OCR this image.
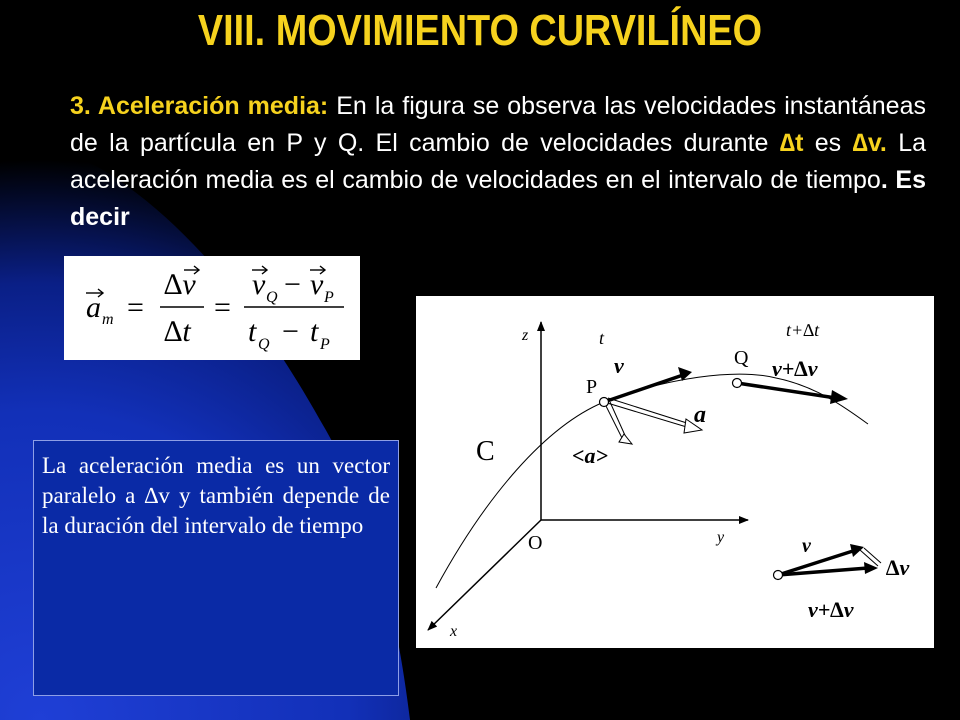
VIII. MOVIMIENTO CURVILÍNEO
3. Aceleración media: En la figura se observa las velocidades instantáneas de la partícula en P y Q. El cambio de velocidades durante ∆t es ∆v. La aceleración media es el cambio de velocidades en el intervalo de tiempo. Es decir
a m =
∆v
∆t
=
v Q − v P
t Q − t P
La aceleración media es un vector paralelo a ∆v y también depende de la duración del intervalo de tiempo
z
y
x
O
C
P
Q
t	t+∆t
v	v+∆v
a
<a>
v
∆v
v+∆v
